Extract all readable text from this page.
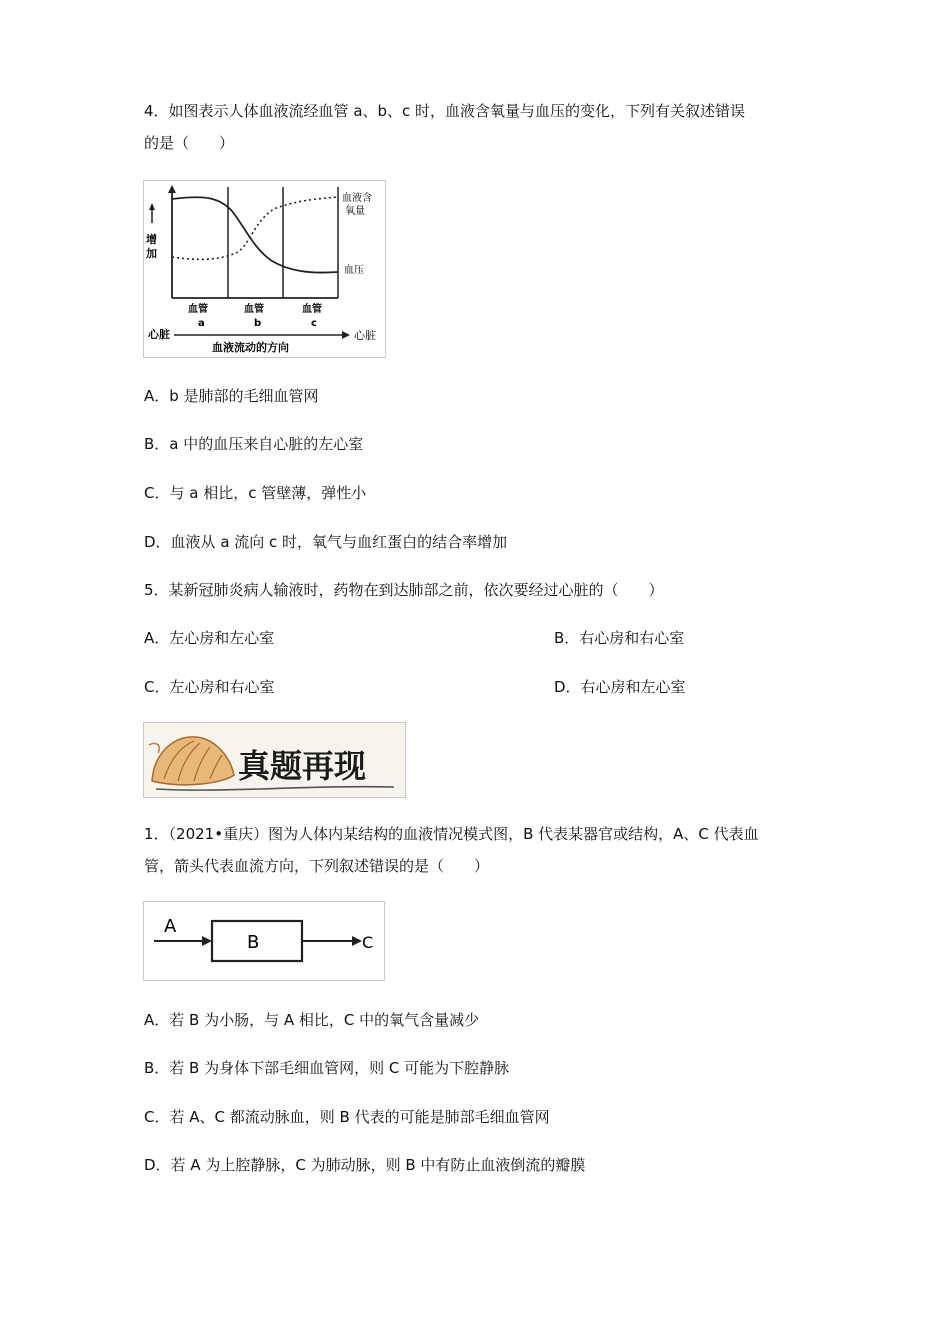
4．如图表示人体血液流经血管 a、b、c 时，血液含氧量与血压的变化，下列有关叙述错误
的是（　　）
增
加
血液含
氧量
血压
血管
a
血管
b
血管
c
心脏	心脏
血液流动的方向
A．b 是肺部的毛细血管网
B．a 中的血压来自心脏的左心室
C．与 a 相比，c 管壁薄，弹性小
D．血液从 a 流向 c 时，氧气与血红蛋白的结合率增加
5．某新冠肺炎病人输液时，药物在到达肺部之前，依次要经过心脏的（　　）
A．左心房和左心室	B．右心房和右心室
C．左心房和右心室	D．右心房和左心室
真题再现
1．（2021•重庆）图为人体内某结构的血液情况模式图，B 代表某器官或结构，A、C 代表血
管，箭头代表血流方向，下列叙述错误的是（　　）
A
B	C
A．若 B 为小肠，与 A 相比，C 中的氧气含量减少
B．若 B 为身体下部毛细血管网，则 C 可能为下腔静脉
C．若 A、C 都流动脉血，则 B 代表的可能是肺部毛细血管网
D．若 A 为上腔静脉，C 为肺动脉，则 B 中有防止血液倒流的瓣膜
